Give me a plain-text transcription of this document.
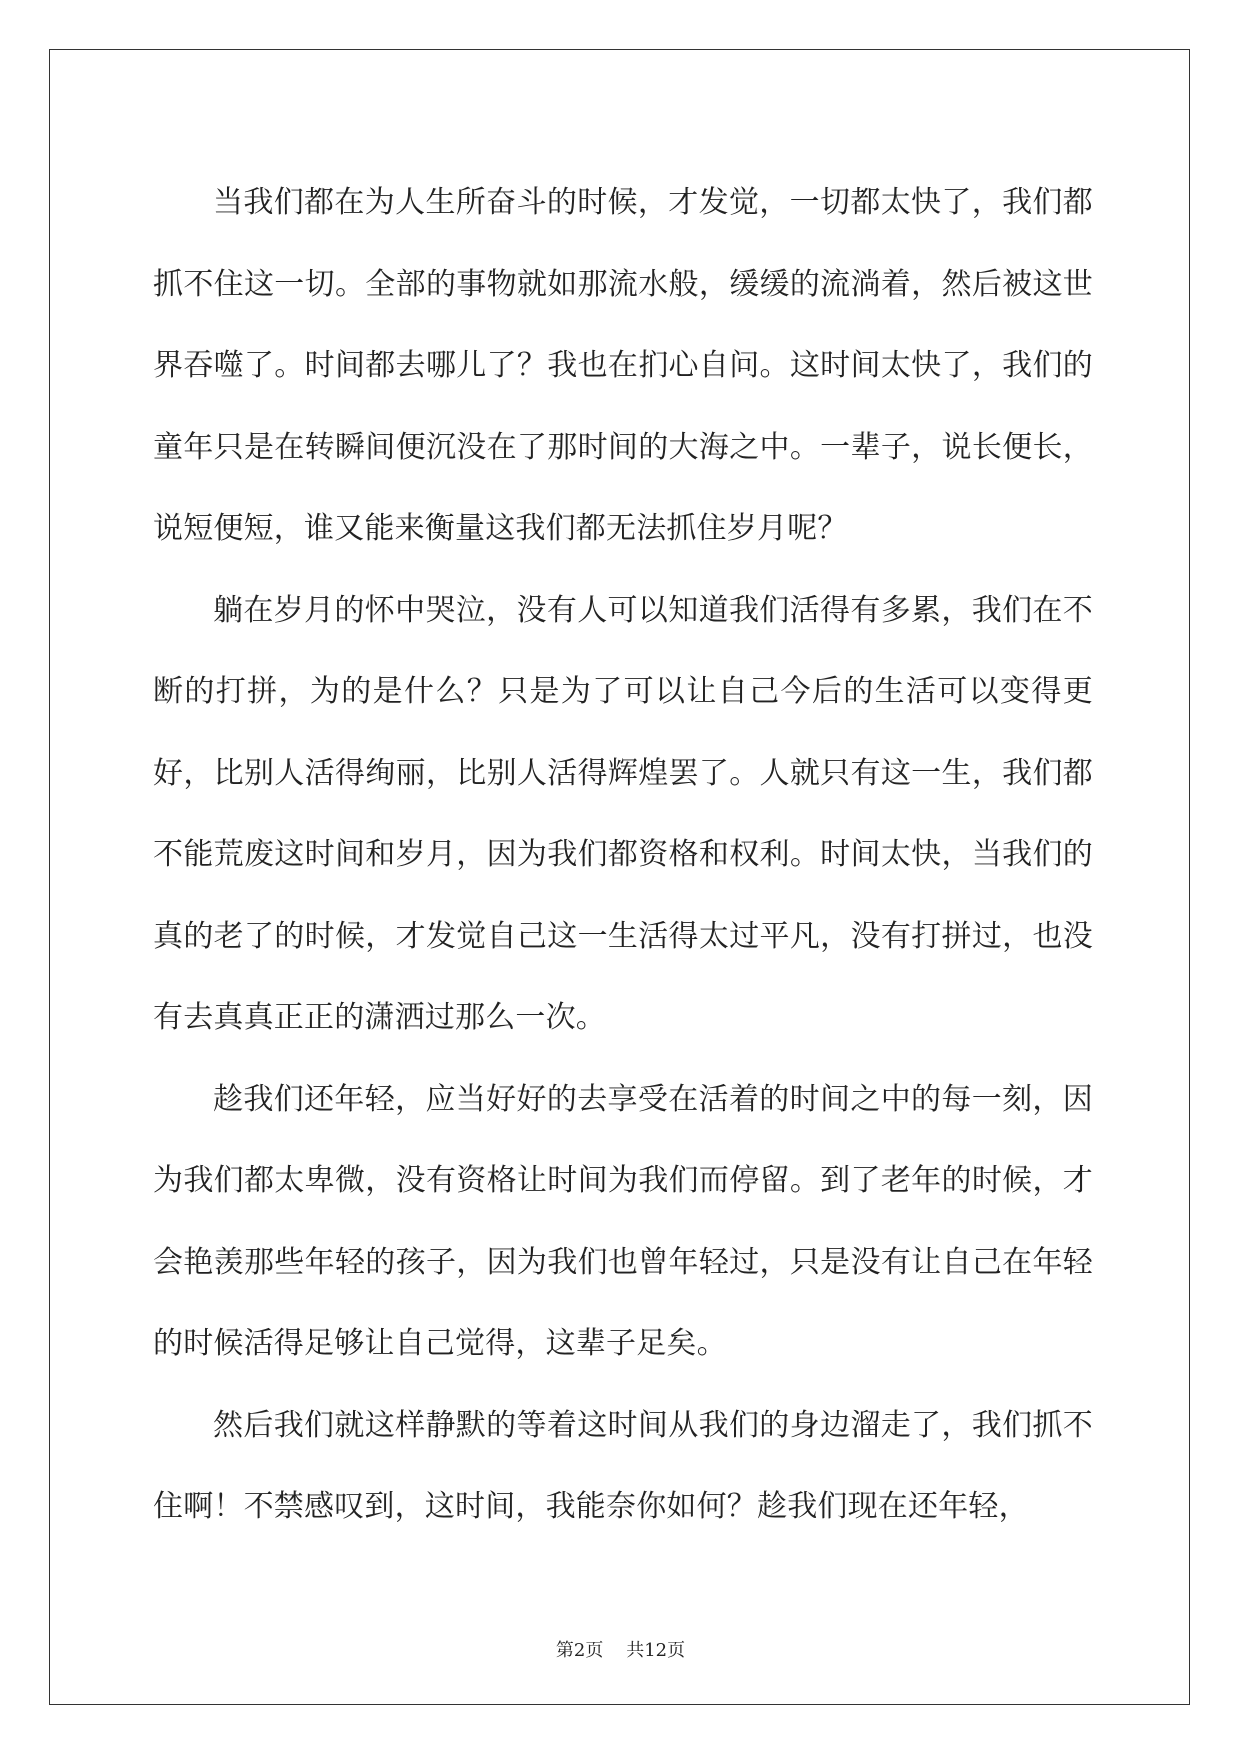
当我们都在为人生所奋斗的时候，才发觉，一切都太快了，我们都抓不住这一切。全部的事物就如那流水般，缓缓的流淌着，然后被这世界吞噬了。时间都去哪儿了？我也在扪心自问。这时间太快了，我们的童年只是在转瞬间便沉没在了那时间的大海之中。一辈子，说长便长，说短便短，谁又能来衡量这我们都无法抓住岁月呢？

躺在岁月的怀中哭泣，没有人可以知道我们活得有多累，我们在不断的打拼，为的是什么？只是为了可以让自己今后的生活可以变得更好，比别人活得绚丽，比别人活得辉煌罢了。人就只有这一生，我们都不能荒废这时间和岁月，因为我们都资格和权利。时间太快，当我们的真的老了的时候，才发觉自己这一生活得太过平凡，没有打拼过，也没有去真真正正的潇洒过那么一次。

趁我们还年轻，应当好好的去享受在活着的时间之中的每一刻，因为我们都太卑微，没有资格让时间为我们而停留。到了老年的时候，才会艳羡那些年轻的孩子，因为我们也曾年轻过，只是没有让自己在年轻的时候活得足够让自己觉得，这辈子足矣。

然后我们就这样静默的等着这时间从我们的身边溜走了，我们抓不住啊！不禁感叹到，这时间，我能奈你如何？趁我们现在还年轻，

第2页 共12页
